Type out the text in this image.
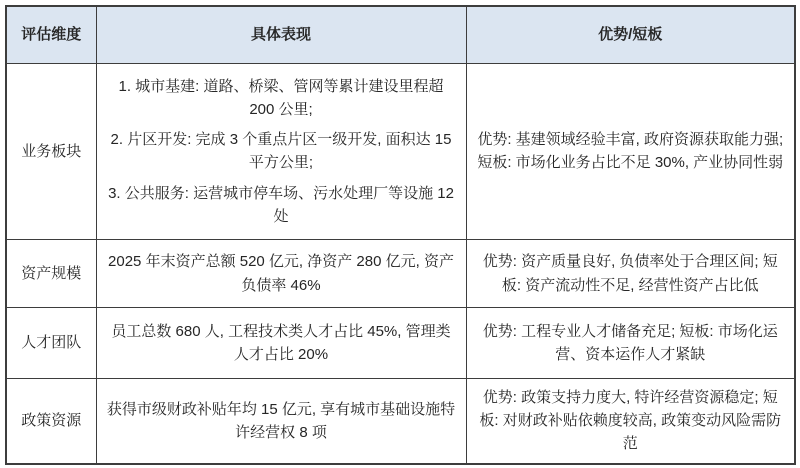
评估维度	具体表现	优势/短板
业务板块	1. 城市基建: 道路、桥梁、管网等累计建设里程超 200 公里;

2. 片区开发: 完成 3 个重点片区一级开发, 面积达 15 平方公里;

3. 公共服务: 运营城市停车场、污水处理厂等设施 12 处	优势: 基建领域经验丰富, 政府资源获取能力强; 短板: 市场化业务占比不足 30%, 产业协同性弱
资产规模	2025 年末资产总额 520 亿元, 净资产 280 亿元, 资产负债率 46%	优势: 资产质量良好, 负债率处于合理区间; 短板: 资产流动性不足, 经营性资产占比低
人才团队	员工总数 680 人, 工程技术类人才占比 45%, 管理类人才占比 20%	优势: 工程专业人才储备充足; 短板: 市场化运营、资本运作人才紧缺
政策资源	获得市级财政补贴年均 15 亿元, 享有城市基础设施特许经营权 8 项	优势: 政策支持力度大, 特许经营资源稳定; 短板: 对财政补贴依赖度较高, 政策变动风险需防范
